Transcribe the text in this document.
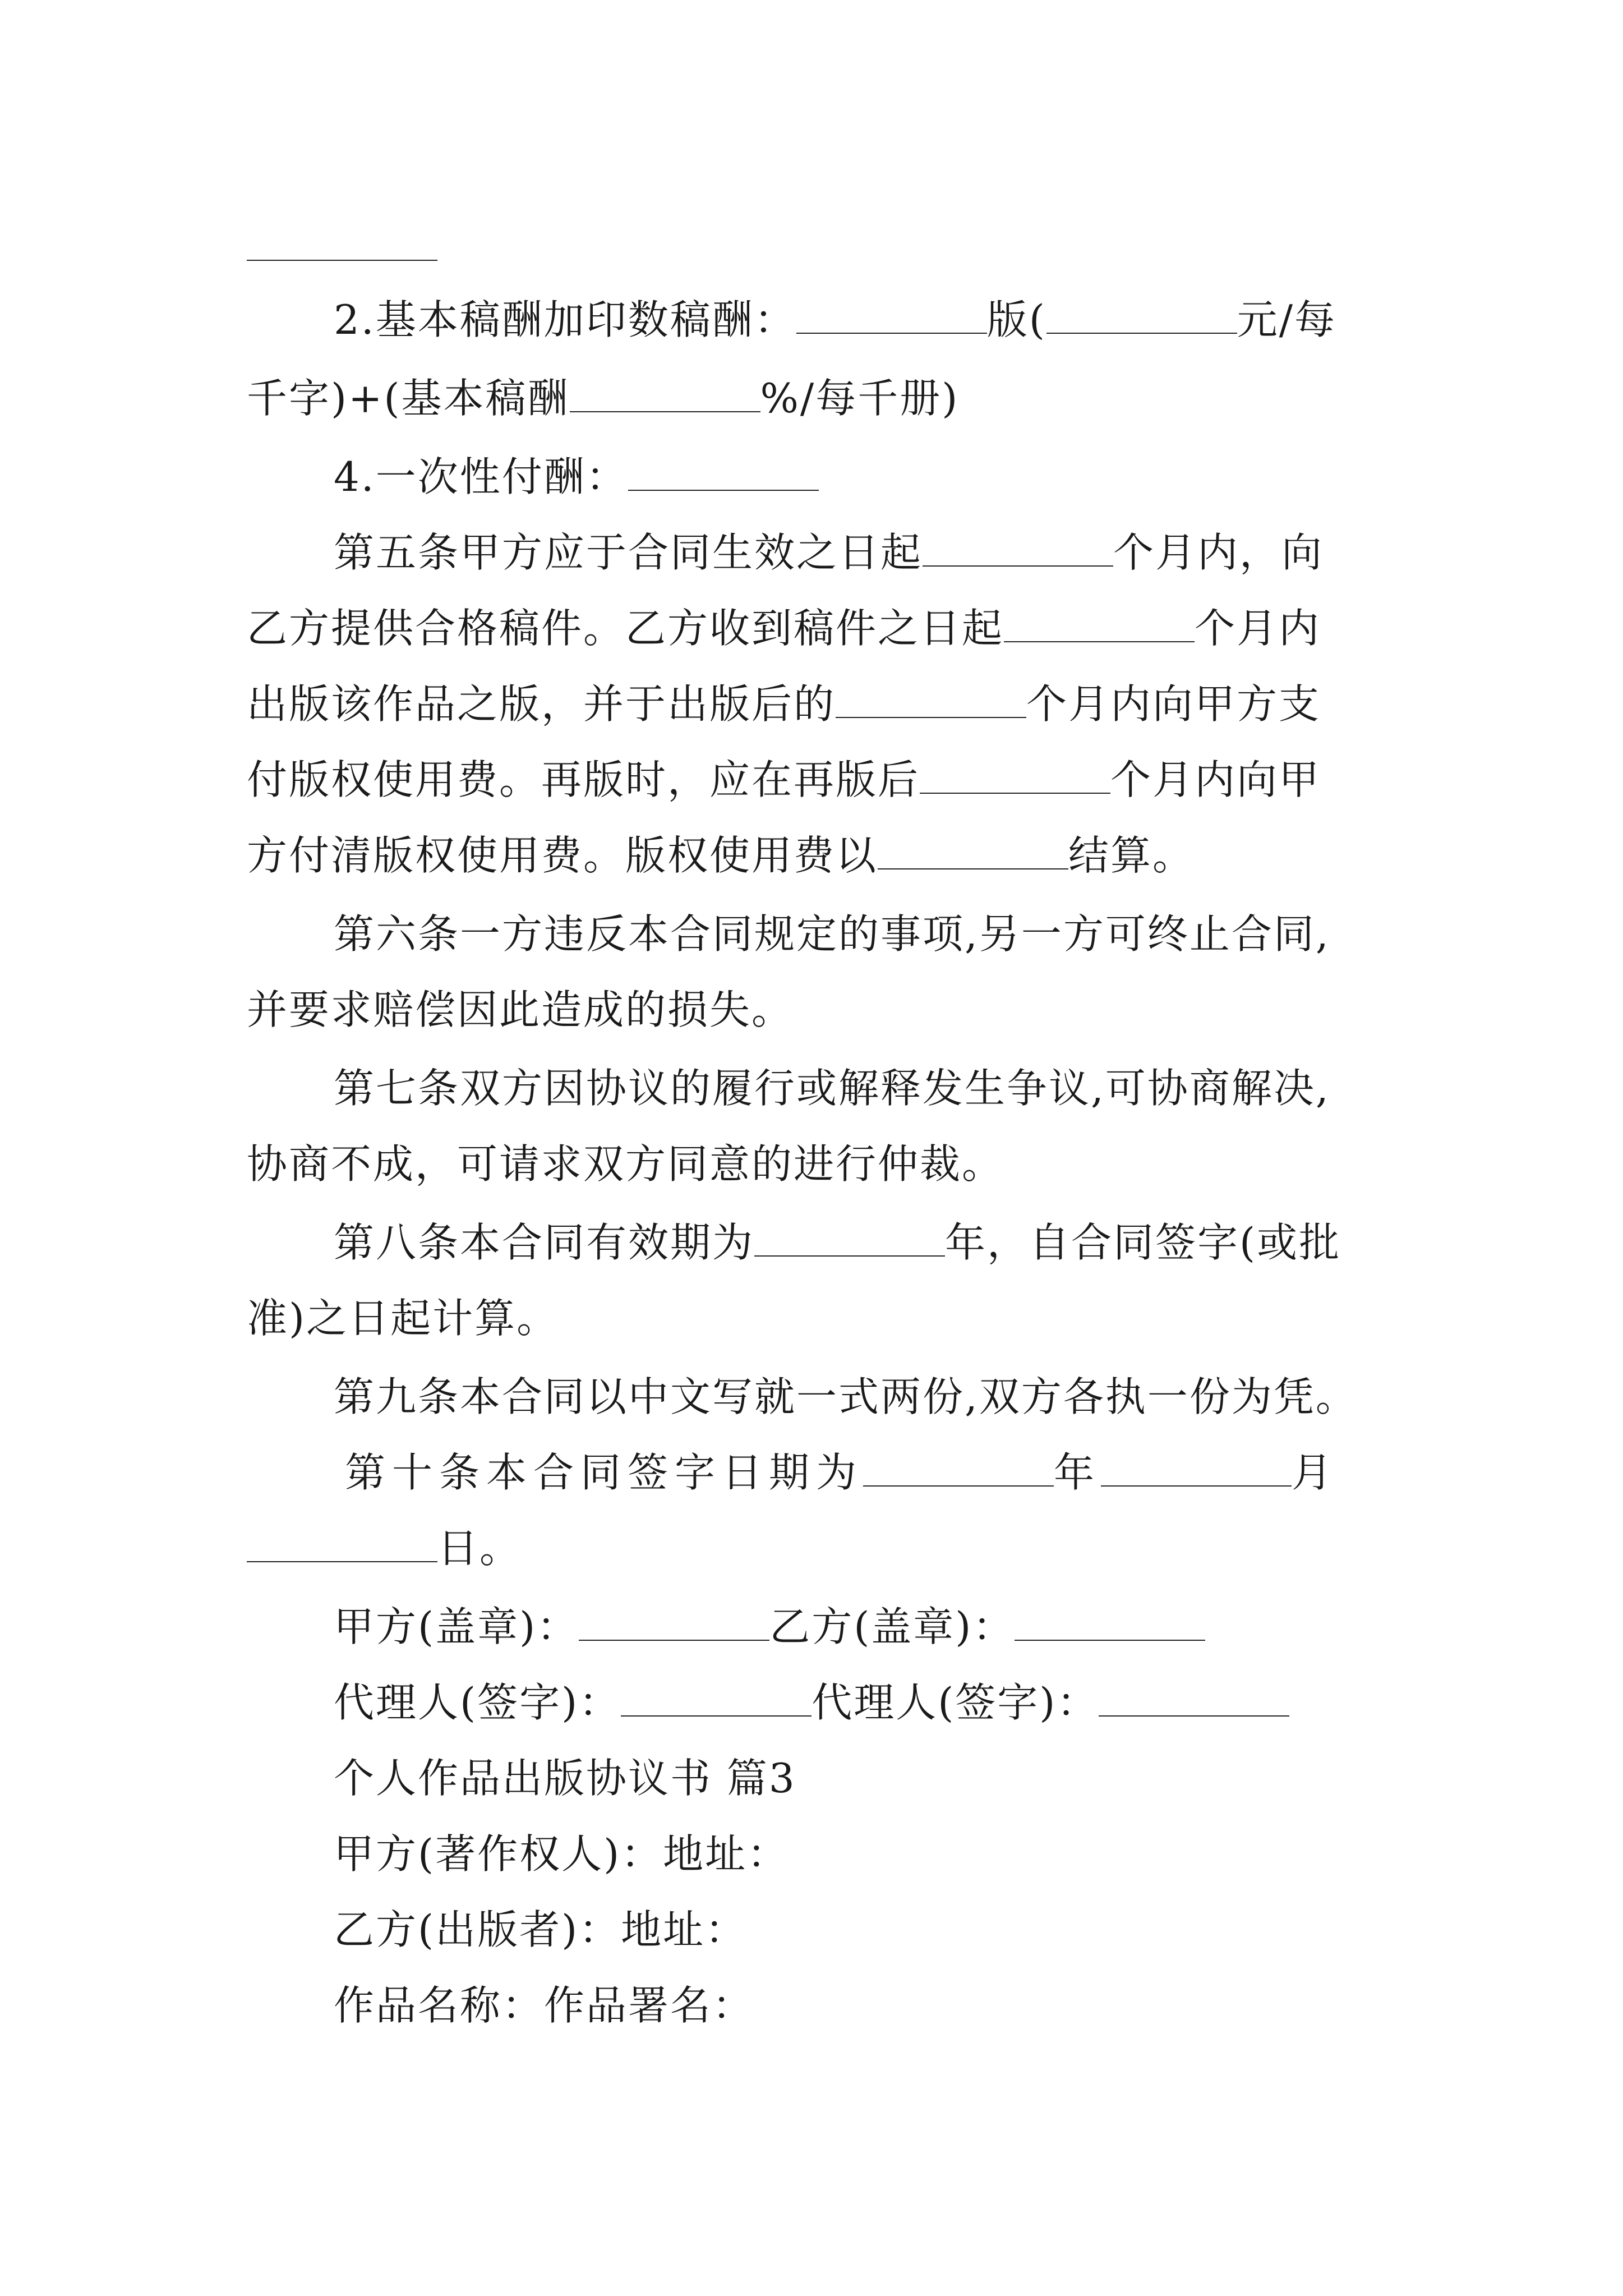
2.基本稿酬加印数稿酬：	版(	元/每
千字)+(基本稿酬	%/每千册)
4.一次性付酬：
第五条甲方应于合同生效之日起	个月内，向
乙方提供合格稿件。乙方收到稿件之日起	个月内
出版该作品之版，并于出版后的	个月内向甲方支
付版权使用费。再版时，应在再版后	个月内向甲
方付清版权使用费。版权使用费以	结算。
第六条一方违反本合同规定的事项,另一方可终止合同,
并要求赔偿因此造成的损失。
第七条双方因协议的履行或解释发生争议,可协商解决,
协商不成，可请求双方同意的进行仲裁。
第八条本合同有效期为	年，自合同签字(或批
准)之日起计算。
第九条本合同以中文写就一式两份,双方各执一份为凭。
第十条本合同签字日期为	年	月
日。
甲方(盖章)：	乙方(盖章)：
代理人(签字)：	代理人(签字)：
个人作品出版协议书 篇3
甲方(著作权人)：地址：
乙方(出版者)：地址：
作品名称：作品署名：
